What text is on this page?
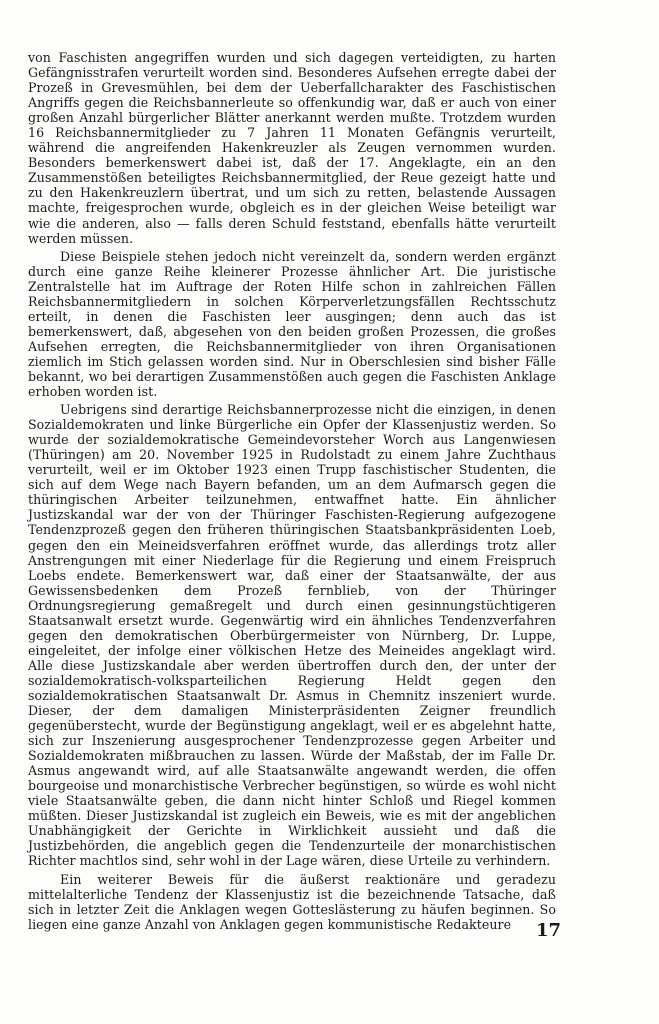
von Faschisten angegriffen wurden und sich dagegen verteidigten, zu harten Gefängnisstrafen verurteilt worden sind. Besonderes Aufsehen erregte dabei der Prozeß in Grevesmühlen, bei dem der Ueberfallcharakter des Faschistischen Angriffs gegen die Reichsbannerleute so offenkundig war, daß er auch von einer großen Anzahl bürgerlicher Blätter anerkannt werden mußte. Trotzdem wurden 16 Reichsbannermitglieder zu 7 Jahren 11 Monaten Gefängnis verurteilt, während die angreifenden Hakenkreuzler als Zeugen vernommen wurden. Besonders bemerkenswert dabei ist, daß der 17. Angeklagte, ein an den Zusammenstößen beteiligtes Reichsbannermitglied, der Reue gezeigt hatte und zu den Hakenkreuzlern übertrat, und um sich zu retten, belastende Aussagen machte, freigesprochen wurde, obgleich es in der gleichen Weise beteiligt war wie die anderen, also — falls deren Schuld feststand, ebenfalls hätte verurteilt werden müssen.

Diese Beispiele stehen jedoch nicht vereinzelt da, sondern werden ergänzt durch eine ganze Reihe kleinerer Prozesse ähnlicher Art. Die juristische Zentralstelle hat im Auftrage der Roten Hilfe schon in zahlreichen Fällen Reichsbannermitgliedern in solchen Körperverletzungsfällen Rechtsschutz erteilt, in denen die Faschisten leer ausgingen; denn auch das ist bemerkenswert, daß, abgesehen von den beiden großen Prozessen, die großes Aufsehen erregten, die Reichsbannermitglieder von ihren Organisationen ziemlich im Stich gelassen worden sind. Nur in Oberschlesien sind bisher Fälle bekannt, wo bei derartigen Zusammenstößen auch gegen die Faschisten Anklage erhoben worden ist.

Uebrigens sind derartige Reichsbannerprozesse nicht die einzigen, in denen Sozialdemokraten und linke Bürgerliche ein Opfer der Klassenjustiz werden. So wurde der sozialdemokratische Gemeindevorsteher Worch aus Langenwiesen (Thüringen) am 20. November 1925 in Rudolstadt zu einem Jahre Zuchthaus verurteilt, weil er im Oktober 1923 einen Trupp faschistischer Studenten, die sich auf dem Wege nach Bayern befanden, um an dem Aufmarsch gegen die thüringischen Arbeiter teilzunehmen, entwaffnet hatte. Ein ähnlicher Justizskandal war der von der Thüringer Faschisten-Regierung aufgezogene Tendenzprozeß gegen den früheren thüringischen Staatsbankpräsidenten Loeb, gegen den ein Meineidsverfahren eröffnet wurde, das allerdings trotz aller Anstrengungen mit einer Niederlage für die Regierung und einem Freispruch Loebs endete. Bemerkenswert war, daß einer der Staatsanwälte, der aus Gewissensbedenken dem Prozeß fernblieb, von der Thüringer Ordnungsregierung gemaßregelt und durch einen gesinnungstüchtigeren Staatsanwalt ersetzt wurde. Gegenwärtig wird ein ähnliches Tendenzverfahren gegen den demokratischen Oberbürgermeister von Nürnberg, Dr. Luppe, eingeleitet, der infolge einer völkischen Hetze des Meineides angeklagt wird. Alle diese Justizskandale aber werden übertroffen durch den, der unter der sozialdemokratisch-volksparteilichen Regierung Heldt gegen den sozialdemokratischen Staatsanwalt Dr. Asmus in Chemnitz inszeniert wurde. Dieser, der dem damaligen Ministerpräsidenten Zeigner freundlich gegenüberstecht, wurde der Begünstigung angeklagt, weil er es abgelehnt hatte, sich zur Inszenierung ausgesprochener Tendenzprozesse gegen Arbeiter und Sozialdemokraten mißbrauchen zu lassen. Würde der Maßstab, der im Falle Dr. Asmus angewandt wird, auf alle Staatsanwälte angewandt werden, die offen bourgeoise und monarchistische Verbrecher begünstigen, so würde es wohl nicht viele Staatsanwälte geben, die dann nicht hinter Schloß und Riegel kommen müßten. Dieser Justizskandal ist zugleich ein Beweis, wie es mit der angeblichen Unabhängigkeit der Gerichte in Wirklichkeit aussieht und daß die Justizbehörden, die angeblich gegen die Tendenzurteile der monarchistischen Richter machtlos sind, sehr wohl in der Lage wären, diese Urteile zu verhindern.

Ein weiterer Beweis für die äußerst reaktionäre und geradezu mittelalterliche Tendenz der Klassenjustiz ist die bezeichnende Tatsache, daß sich in letzter Zeit die Anklagen wegen Gotteslästerung zu häufen beginnen. So liegen eine ganze Anzahl von Anklagen gegen kommunistische Redakteure	17
